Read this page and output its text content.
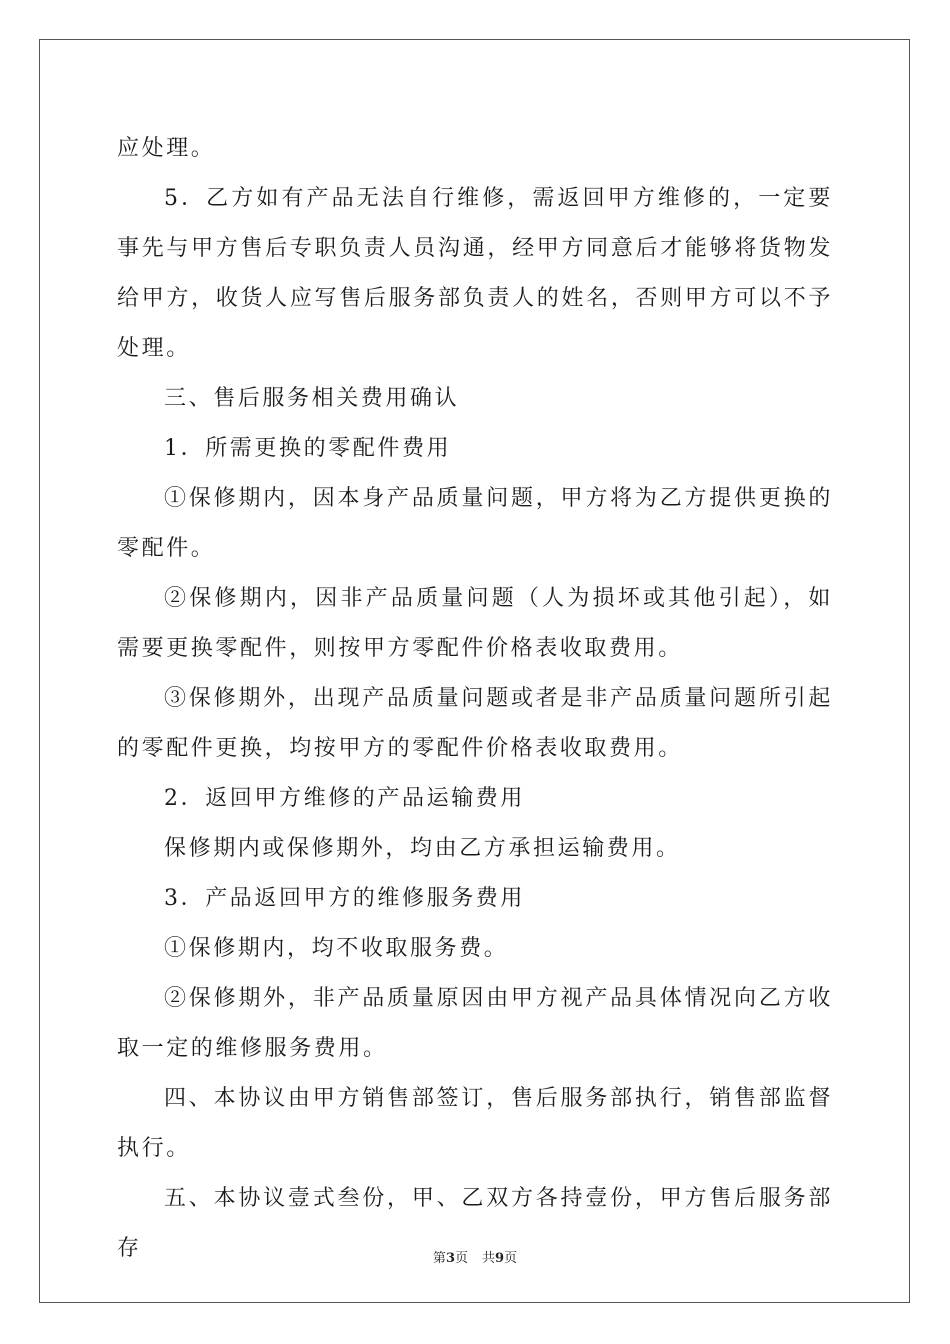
应处理。

5．乙方如有产品无法自行维修，需返回甲方维修的，一定要事先与甲方售后专职负责人员沟通，经甲方同意后才能够将货物发给甲方，收货人应写售后服务部负责人的姓名，否则甲方可以不予处理。

三、售后服务相关费用确认

1．所需更换的零配件费用

①保修期内，因本身产品质量问题，甲方将为乙方提供更换的零配件。

②保修期内，因非产品质量问题（人为损坏或其他引起），如需要更换零配件，则按甲方零配件价格表收取费用。

③保修期外，出现产品质量问题或者是非产品质量问题所引起的零配件更换，均按甲方的零配件价格表收取费用。

2．返回甲方维修的产品运输费用

保修期内或保修期外，均由乙方承担运输费用。

3．产品返回甲方的维修服务费用

①保修期内，均不收取服务费。

②保修期外，非产品质量原因由甲方视产品具体情况向乙方收取一定的维修服务费用。

四、本协议由甲方销售部签订，售后服务部执行，销售部监督执行。

五、本协议壹式叁份，甲、乙双方各持壹份，甲方售后服务部存	第3页 共9页
